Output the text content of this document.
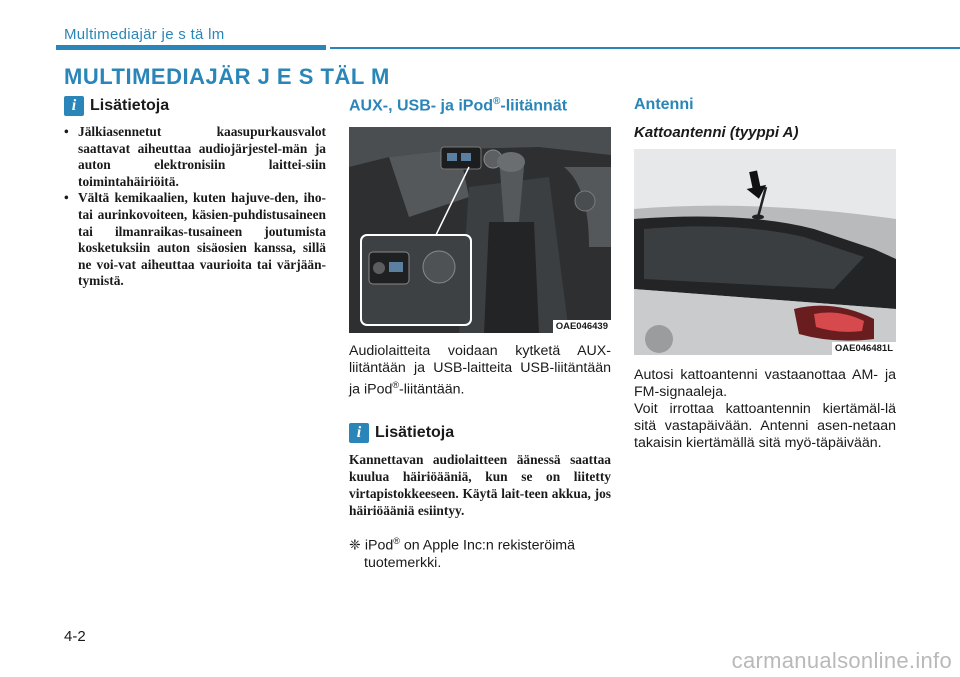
Multimediajär je s tä lm
MULTIMEDIAJÄR J E S TÄL M
i Lisätietoja
• Jälkiasennetut kaasupurkausvalot saattavat aiheuttaa audiojärjestel-män ja auton elektronisiin laittei-siin toimintahäiriöitä.
• Vältä kemikaalien, kuten hajuve-den, iho- tai aurinkovoiteen, käsien-puhdistusaineen tai ilmanraikas-tusaineen joutumista kosketuksiin auton sisäosien kanssa, sillä ne voi-vat aiheuttaa vaurioita tai värjään-tymistä.
AUX-, USB- ja iPod®-liitännät
OAE046439

Audiolaitteita voidaan kytketä AUX-liitäntään ja USB-laitteita USB-liitäntään ja iPod®-liitäntään.

i Lisätietoja

Kannettavan audiolaitteen äänessä saattaa kuulua häiriöääniä, kun se on liitetty virtapistokkeeseen. Käytä lait-teen akkua, jos häiriöääniä esiintyy.

❈ iPod® on Apple Inc:n rekisteröimä tuotemerkki.

Antenni
Kattoantenni (tyyppi A)
OAE046481L

Autosi kattoantenni vastaanottaa AM- ja FM-signaaleja.

Voit irrottaa kattoantennin kiertämäl-lä sitä vastapäivään. Antenni asen-netaan takaisin kiertämällä sitä myö-täpäivään.

4-2
carmanualsonline.info
